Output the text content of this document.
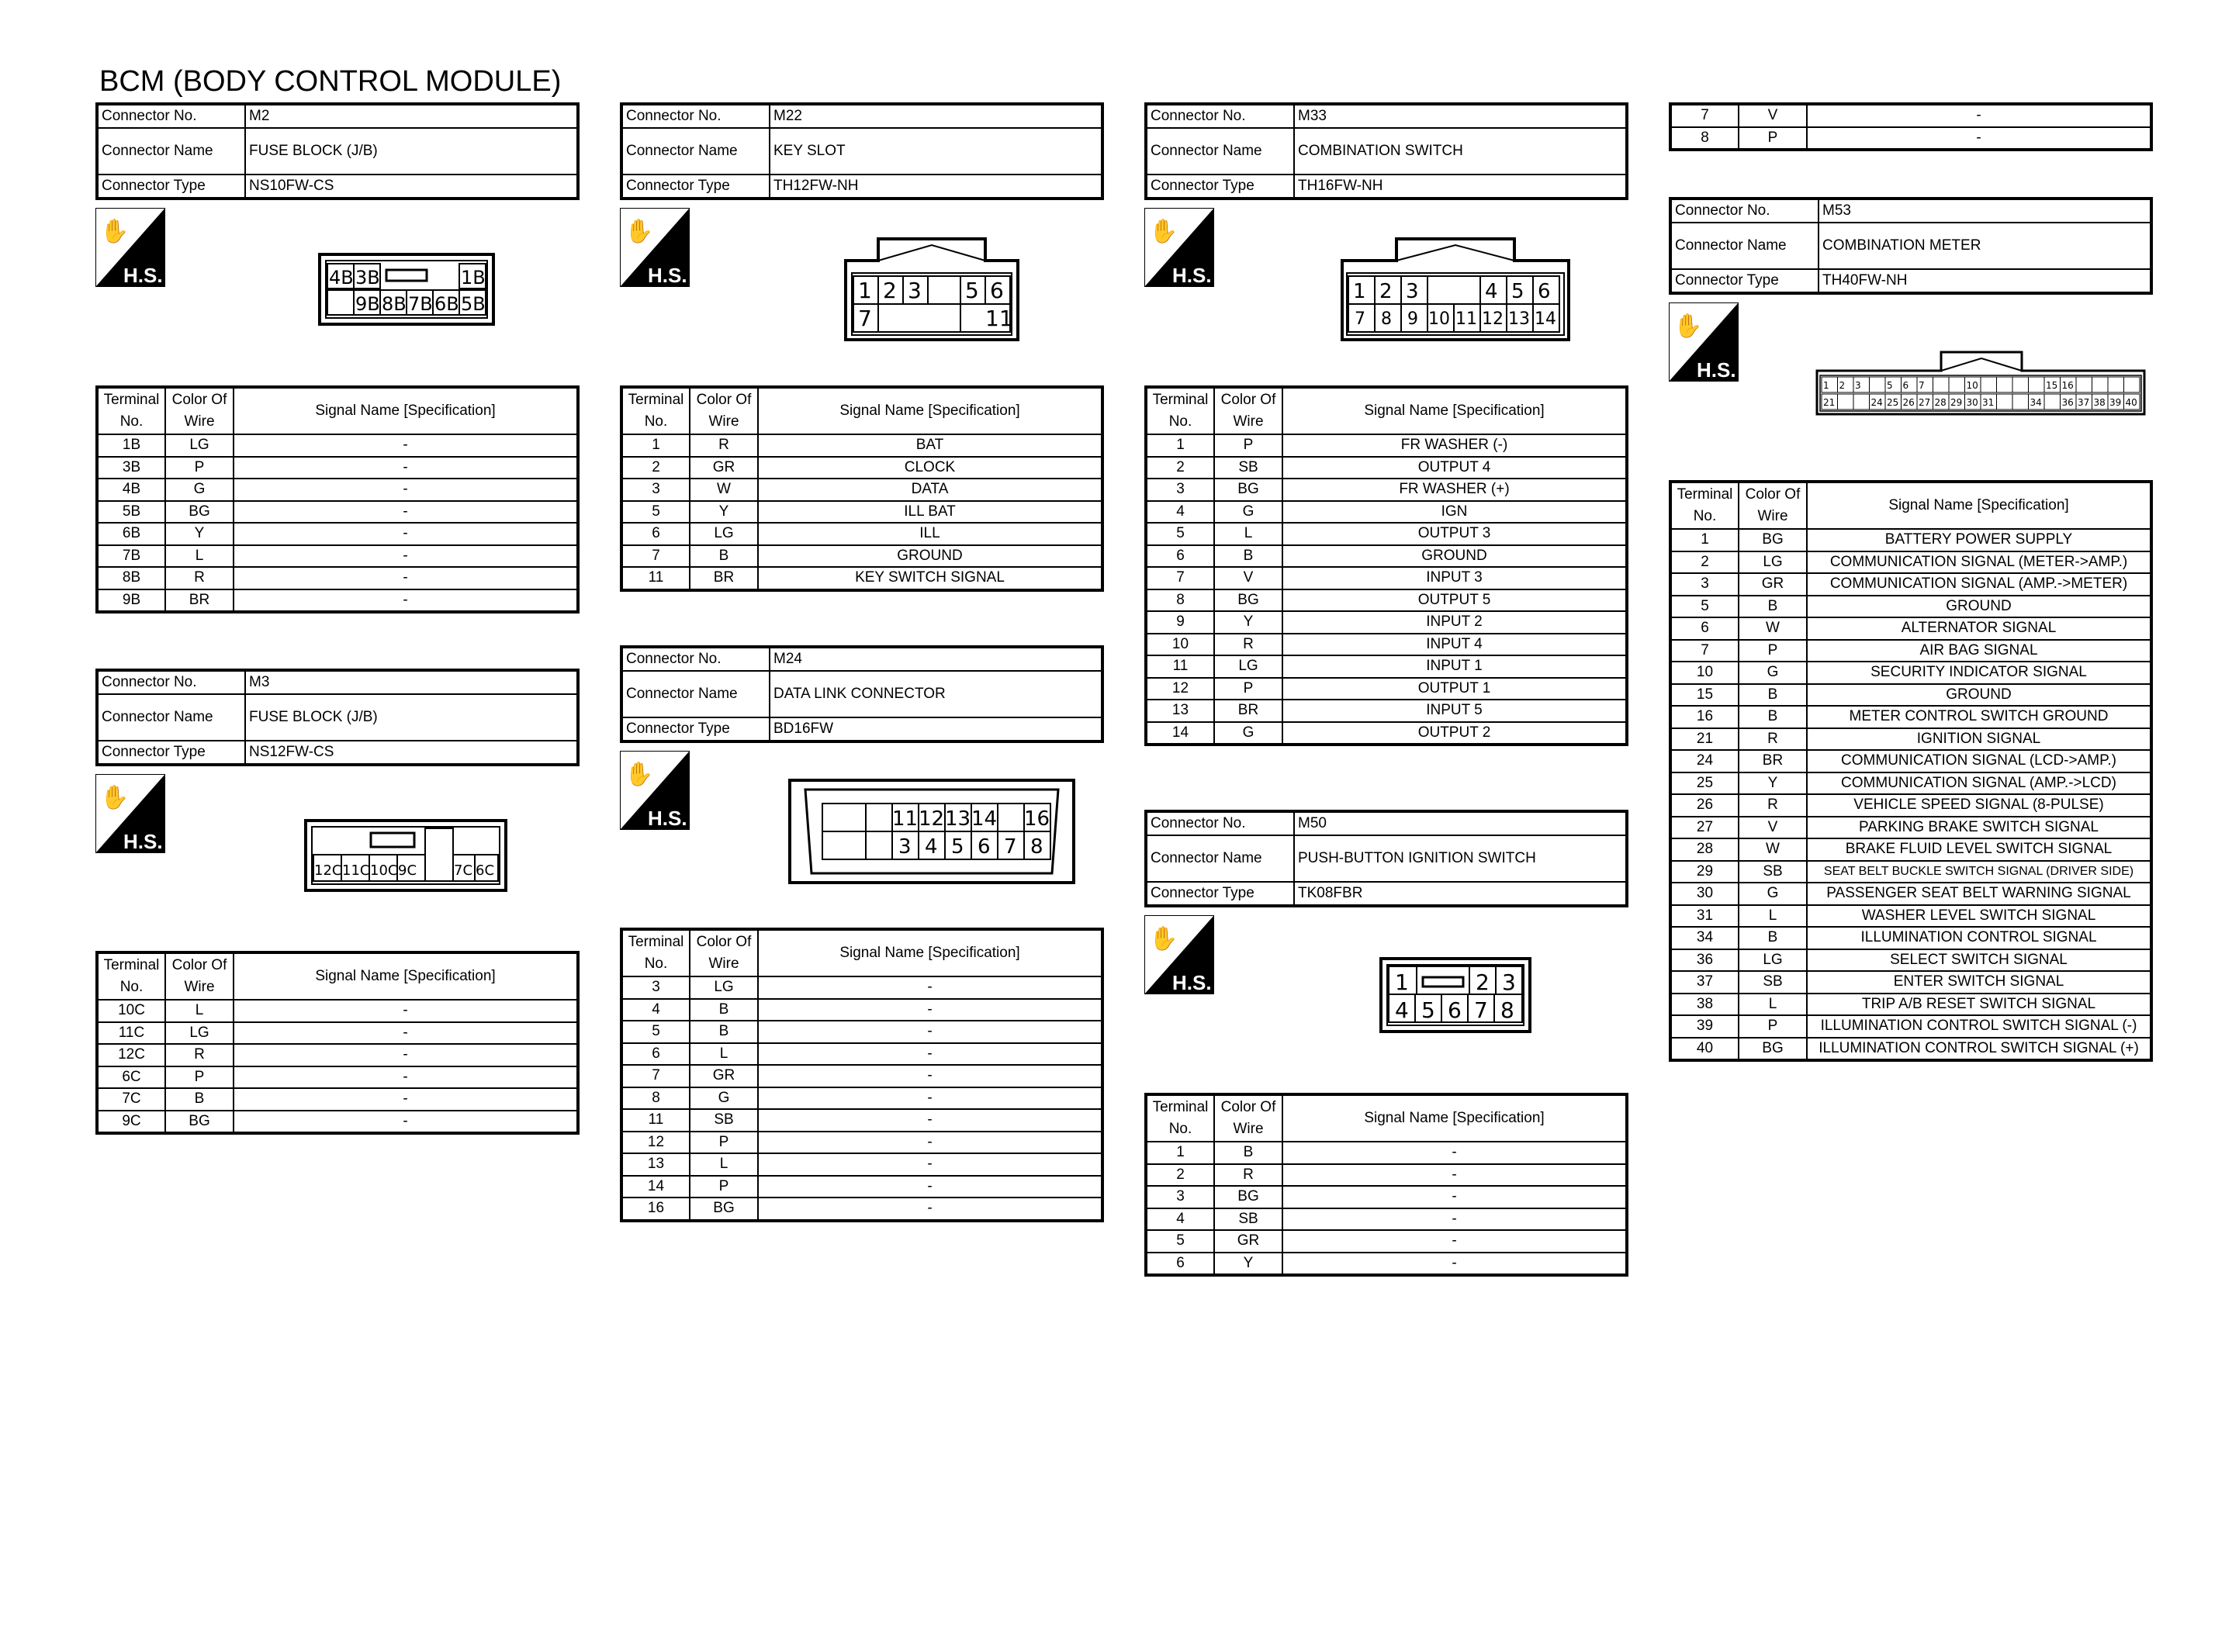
BCM (BODY CONTROL MODULE)
Connector No.	M2
Connector Name	FUSE BLOCK (J/B)
Connector Type	NS10FW-CS
✋
H.S.	4B 3B	1B
9B 8B 7B 6B 5B
Terminal No.	Color Of Wire	Signal Name [Specification]
1B	LG	-
3B	P	-
4B	G	-
5B	BG	-
6B	Y	-
7B	L	-
8B	R	-
9B	BR	-
Connector No.	M3
Connector Name	FUSE BLOCK (J/B)
Connector Type	NS12FW-CS
✋
H.S.
12C 11C 10C 9C	7C 6C
Terminal No.	Color Of Wire	Signal Name [Specification]
10C	L	-
11C	LG	-
12C	R	-
6C	P	-
7C	B	-
9C	BG	-
Connector No.	M22
Connector Name	KEY SLOT
Connector Type	TH12FW-NH
✋
H.S.
1 2 3 5 6
7	11
Terminal No.	Color Of Wire	Signal Name [Specification]
1	R	BAT
2	GR	CLOCK
3	W	DATA
5	Y	ILL BAT
6	LG	ILL
7	B	GROUND
11	BR	KEY SWITCH SIGNAL
Connector No.	M24
Connector Name	DATA LINK CONNECTOR
Connector Type	BD16FW
✋
H.S.	11 12 13 14 16
3 4 5 6 7 8
Terminal No.	Color Of Wire	Signal Name [Specification]
3	LG	-
4	B	-
5	B	-
6	L	-
7	GR	-
8	G	-
11	SB	-
12	P	-
13	L	-
14	P	-
16	BG	-
Connector No.	M33
Connector Name	COMBINATION SWITCH
Connector Type	TH16FW-NH
✋
H.S.
1 2 3	4 5 6
7 8 9 10 11 12 13 14
Terminal No.	Color Of Wire	Signal Name [Specification]
1	P	FR WASHER (-)
2	SB	OUTPUT 4
3	BG	FR WASHER (+)
4	G	IGN
5	L	OUTPUT 3
6	B	GROUND
7	V	INPUT 3
8	BG	OUTPUT 5
9	Y	INPUT 2
10	R	INPUT 4
11	LG	INPUT 1
12	P	OUTPUT 1
13	BR	INPUT 5
14	G	OUTPUT 2
Connector No.	M50
Connector Name	PUSH-BUTTON IGNITION SWITCH
Connector Type	TK08FBR
✋
H.S.	1	2 3
4 5 6 7 8
Terminal No.	Color Of Wire	Signal Name [Specification]
1	B	-
2	R	-
3	BG	-
4	SB	-
5	GR	-
6	Y	-
7	V	-
8	P	-
Connector No.	M53
Connector Name	COMBINATION METER
Connector Type	TH40FW-NH
✋
H.S.
1 2 3	5 6 7	10	15 16
21	24 25 26 27 28 29 30 31	34 36 37 38 39 40
Terminal No.	Color Of Wire	Signal Name [Specification]
1	BG	BATTERY POWER SUPPLY
2	LG	COMMUNICATION SIGNAL (METER->AMP.)
3	GR	COMMUNICATION SIGNAL (AMP.->METER)
5	B	GROUND
6	W	ALTERNATOR SIGNAL
7	P	AIR BAG SIGNAL
10	G	SECURITY INDICATOR SIGNAL
15	B	GROUND
16	B	METER CONTROL SWITCH GROUND
21	R	IGNITION SIGNAL
24	BR	COMMUNICATION SIGNAL (LCD->AMP.)
25	Y	COMMUNICATION SIGNAL (AMP.->LCD)
26	R	VEHICLE SPEED SIGNAL (8-PULSE)
27	V	PARKING BRAKE SWITCH SIGNAL
28	W	BRAKE FLUID LEVEL SWITCH SIGNAL
29	SB	SEAT BELT BUCKLE SWITCH SIGNAL (DRIVER SIDE)
30	G	PASSENGER SEAT BELT WARNING SIGNAL
31	L	WASHER LEVEL SWITCH SIGNAL
34	B	ILLUMINATION CONTROL SIGNAL
36	LG	SELECT SWITCH SIGNAL
37	SB	ENTER SWITCH SIGNAL
38	L	TRIP A/B RESET SWITCH SIGNAL
39	P	ILLUMINATION CONTROL SWITCH SIGNAL (-)
40	BG	ILLUMINATION CONTROL SWITCH SIGNAL (+)
